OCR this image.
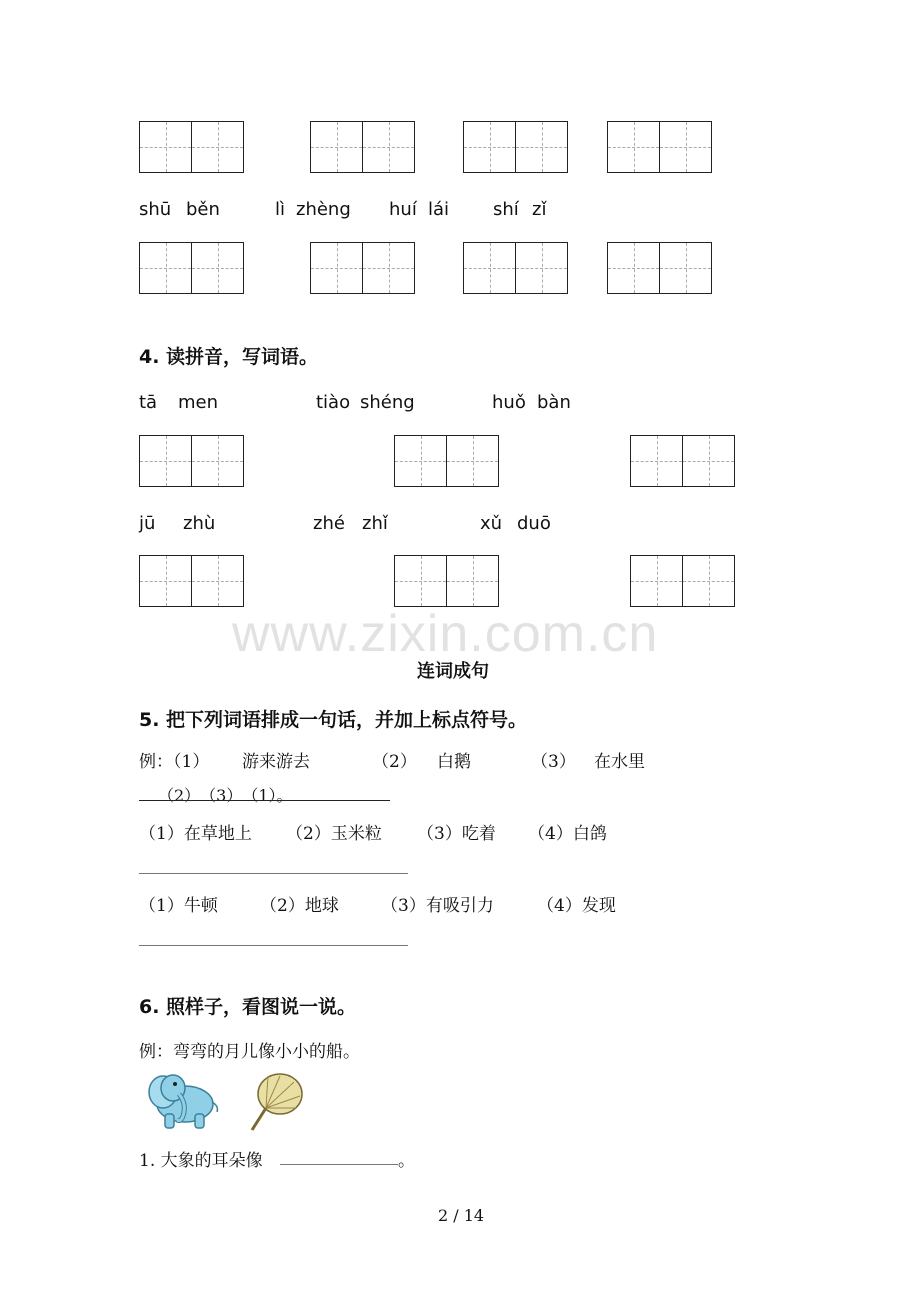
shū běn	lì zhèng huí lái shí zǐ
4. 读拼音，写词语。
tā men	tiào shéng	huǒ bàn
jū zhù	zhé zhǐ	xǔ duō
www.zixin.com.cn
连词成句
5. 把下列词语排成一句话，并加上标点符号。
例：（1） 游来游去	（2） 白鹅	（3） 在水里
（2）　（3）　（1）。
（1）在草地上 （2）玉米粒 （3）吃着 （4）白鸽
（1）牛顿 （2）地球 （3）有吸引力	（4）发现
6. 照样子，看图说一说。
例：弯弯的月儿像小小的船。
1. 大象的耳朵像	。
2 / 14
